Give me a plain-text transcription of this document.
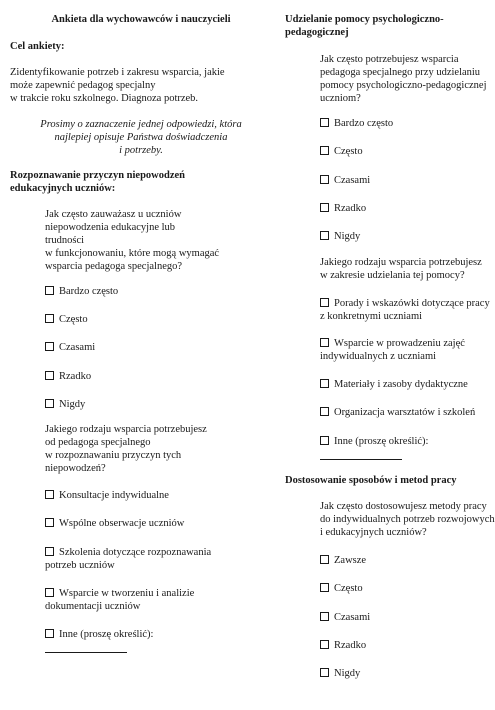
Ankieta dla wychowawców i nauczycieli
Cel ankiety:
Zidentyfikowanie potrzeb i zakresu wsparcia, jakie
może zapewnić pedagog specjalny
w trakcie roku szkolnego. Diagnoza potrzeb.
Prosimy o zaznaczenie jednej odpowiedzi, która
najlepiej opisuje Państwa doświadczenia
i potrzeby.
Rozpoznawanie przyczyn niepowodzeń
edukacyjnych uczniów:
Jak często zauważasz u uczniów
niepowodzenia edukacyjne lub
trudności
w funkcjonowaniu, które mogą wymagać
wsparcia pedagoga specjalnego?
Bardzo często
Często
Czasami
Rzadko
Nigdy
Jakiego rodzaju wsparcia potrzebujesz
od pedagoga specjalnego
w rozpoznawaniu przyczyn tych
niepowodzeń?
Konsultacje indywidualne
Wspólne obserwacje uczniów
Szkolenia dotyczące rozpoznawania
potrzeb uczniów
Wsparcie w tworzeniu i analizie
dokumentacji uczniów
Inne (proszę określić):
Udzielanie pomocy psychologiczno-
pedagogicznej
Jak często potrzebujesz wsparcia
pedagoga specjalnego przy udzielaniu
pomocy psychologiczno-pedagogicznej
uczniom?
Bardzo często
Często
Czasami
Rzadko
Nigdy
Jakiego rodzaju wsparcia potrzebujesz
w zakresie udzielania tej pomocy?
Porady i wskazówki dotyczące pracy
z konkretnymi uczniami
Wsparcie w prowadzeniu zajęć
indywidualnych z uczniami
Materiały i zasoby dydaktyczne
Organizacja warsztatów i szkoleń
Inne (proszę określić):
Dostosowanie sposobów i metod pracy
Jak często dostosowujesz metody pracy
do indywidualnych potrzeb rozwojowych
i edukacyjnych uczniów?
Zawsze
Często
Czasami
Rzadko
Nigdy
